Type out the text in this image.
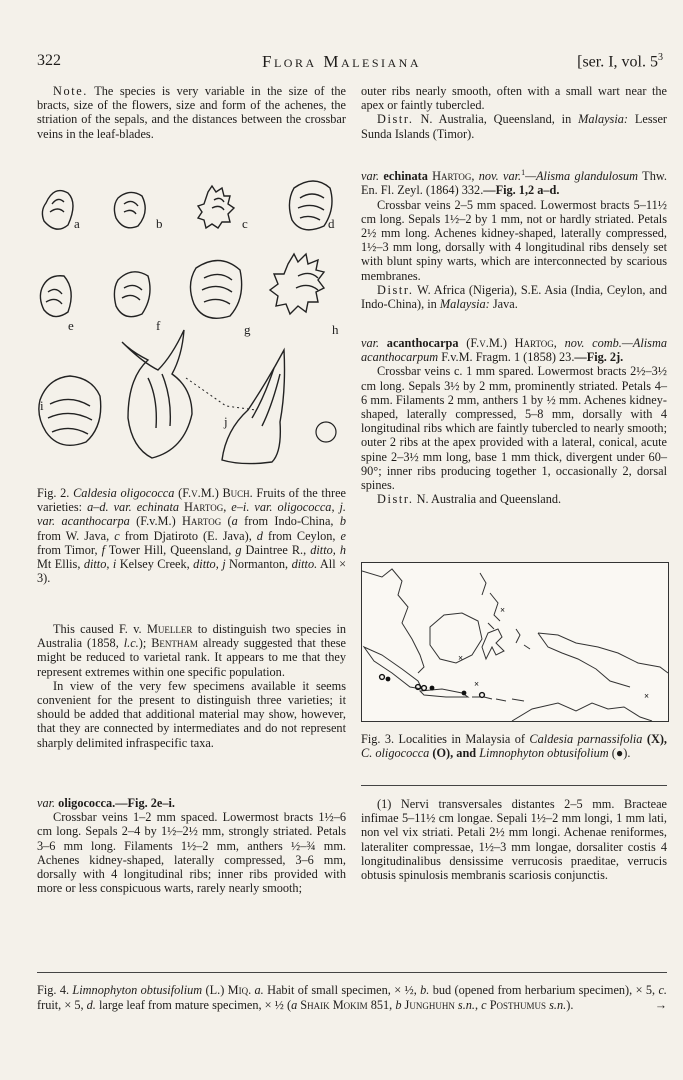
322	Flora Malesiana	[ser. I, vol. $5^3$

Note. The species is very variable in the size of the bracts, size of the flowers, size and form of the achenes, the striation of the sepals, and the distances between the crossbar veins in the leaf-blades.

a	b	c	d
e	f	g	h
i
j
Fig. 2. Caldesia oligococca (F.v.M.) Buch. Fruits of the three varieties: a–d. var. echinata Hartog, e–i. var. oligococca, j. var. acanthocarpa (F.v.M.) Hartog (a from Indo-China, b from W. Java, c from Djatiroto (E. Java), d from Ceylon, e from Timor, f Tower Hill, Queensland, g Daintree R., ditto, h Mt Ellis, ditto, i Kelsey Creek, ditto, j Normanton, ditto. All × 3).

This caused F. v. Mueller to distinguish two species in Australia (1858, l.c.); Bentham already suggested that these might be reduced to varietal rank. It appears to me that they represent extremes within one specific population.

In view of the very few specimens available it seems convenient for the present to distinguish three varieties; it should be added that additional material may show, however, that they are connected by intermediates and do not represent sharply delimited infraspecific taxa.

var. oligococca.—Fig. 2e–i.

Crossbar veins 1–2 mm spaced. Lowermost bracts 1½–6 cm long. Sepals 2–4 by 1½–2½ mm, strongly striated. Petals 3–6 mm long. Filaments 1½–2 mm, anthers ½–¾ mm. Achenes kidney-shaped, laterally compressed, 3–6 mm, dorsally with 4 longitudinal ribs; inner ribs provided with more or less conspicuous warts, rarely nearly smooth;

outer ribs nearly smooth, often with a small wart near the apex or faintly tubercled.

Distr. N. Australia, Queensland, in Malaysia: Lesser Sunda Islands (Timor).

var. echinata Hartog, nov. var.$^1$—Alisma glandulosum Thw. En. Fl. Zeyl. (1864) 332.—Fig. 1,2 a–d.

Crossbar veins 2–5 mm spaced. Lowermost bracts 5–11½ cm long. Sepals 1½–2 by 1 mm, not or hardly striated. Petals 2½ mm long. Achenes kidney-shaped, laterally compressed, 1½–3 mm long, dorsally with 4 longitudinal ribs densely set with blunt spiny warts, which are interconnected by scarious membranes.

Distr. W. Africa (Nigeria), S.E. Asia (India, Ceylon, and Indo-China), in Malaysia: Java.

var. acanthocarpa (F.v.M.) Hartog, nov. comb.—Alisma acanthocarpum F.v.M. Fragm. 1 (1858) 23.—Fig. 2j.

Crossbar veins c. 1 mm spared. Lowermost bracts 2½–3½ cm long. Sepals 3½ by 2 mm, prominently striated. Petals 4–6 mm. Filaments 2 mm, anthers 1 by ½ mm. Achenes kidney-shaped, laterally compressed, 5–8 mm, dorsally with 4 longitudinal ribs which are faintly tubercled to nearly smooth; outer 2 ribs at the apex provided with a lateral, conical, acute spine 2–3½ mm long, base 1 mm thick, divergent under 60–90°; inner ribs producing together 1, occasionally 2, dorsal spines.

Distr. N. Australia and Queensland.

×
×
×
×
Fig. 3. Localities in Malaysia of Caldesia parnassifolia (X), C. oligococca (O), and Limnophyton obtusifolium (●).

(1) Nervi transversales distantes 2–5 mm. Bracteae infimae 5–11½ cm longae. Sepali 1½–2 mm longi, 1 mm lati, non vel vix striati. Petali 2½ mm longi. Achenae reniformes, lateraliter compressae, 1½–3 mm longae, dorsaliter costis 4 longitudinalibus densissime verrucosis praeditae, verrucis obtusis spinulosis membranis scariosis conjunctis.

Fig. 4. Limnophyton obtusifolium (L.) Miq. a. Habit of small specimen, × ½, b. bud (opened from herbarium specimen), × 5, c. fruit, × 5, d. large leaf from mature specimen, × ½ (a Shaik Mokim 851, b Junghuhn s.n., c Posthumus s.n.).	→
